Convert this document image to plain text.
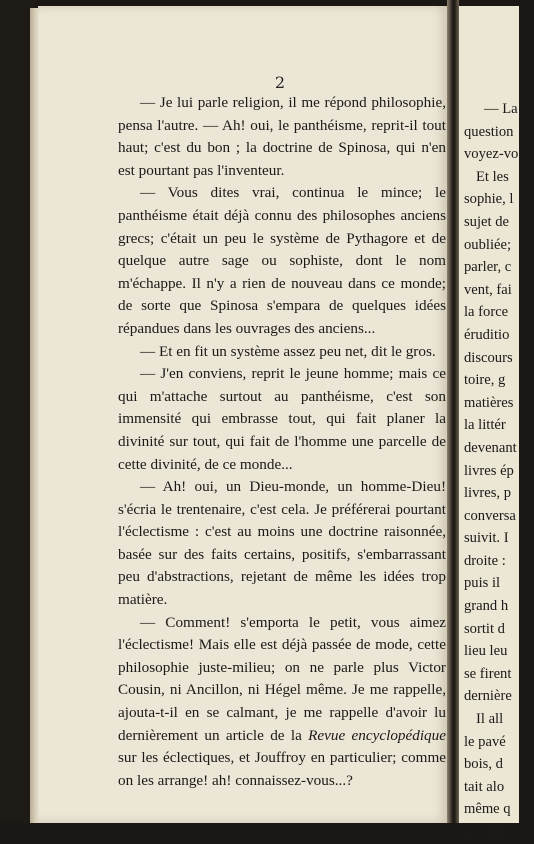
2

— Je lui parle religion, il me répond philosophie, pensa l'autre. — Ah! oui, le panthéisme, reprit-il tout haut; c'est du bon ; la doctrine de Spinosa, qui n'en est pourtant pas l'inventeur.

— Vous dites vrai, continua le mince; le panthéisme était déjà connu des philosophes anciens grecs; c'était un peu le système de Pythagore et de quelque autre sage ou sophiste, dont le nom m'échappe. Il n'y a rien de nouveau dans ce monde; de sorte que Spinosa s'empara de quelques idées répandues dans les ouvrages des anciens...

— Et en fit un système assez peu net, dit le gros.

— J'en conviens, reprit le jeune homme; mais ce qui m'attache surtout au panthéisme, c'est son immensité qui embrasse tout, qui fait planer la divinité sur tout, qui fait de l'homme une parcelle de cette divinité, de ce monde...

— Ah! oui, un Dieu-monde, un homme-Dieu! s'écria le trentenaire, c'est cela. Je préférerai pourtant l'éclectisme : c'est au moins une doctrine raisonnée, basée sur des faits certains, positifs, s'embarrassant peu d'abstractions, rejetant de même les idées trop matière.

— Comment! s'emporta le petit, vous aimez l'éclectisme! Mais elle est déjà passée de mode, cette philosophie juste-milieu; on ne parle plus Victor Cousin, ni Ancillon, ni Hégel même. Je me rappelle, ajouta-t-il en se calmant, je me rappelle d'avoir lu dernièrement un article de la Revue encyclopédique sur les éclectiques, et Jouffroy en particulier; comme on les arrange! ah! connaissez-vous...?

— La
question
voyez-vo
Et les
sophie, l
sujet de
oubliée;
parler, c
vent, fai
la force
éruditio
discours
toire, g
matières
la littér
devenant
livres ép
livres, p
conversa
suivit. I
droite :
puis il
grand h
sortit d
lieu leu
se firent
dernière
Il all
le pavé
bois, d
tait alo
même q
les deux
